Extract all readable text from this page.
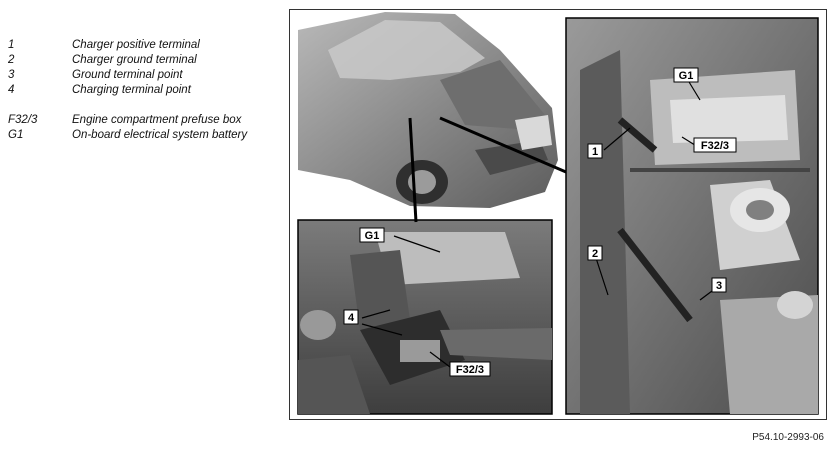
1	Charger positive terminal
2	Charger ground terminal
3	Ground terminal point
4	Charging terminal point
F32/3	Engine compartment prefuse box
G1	On-board electrical system battery
G1
4
F32/3
G1
1	F32/3
2
3
P54.10-2993-06
